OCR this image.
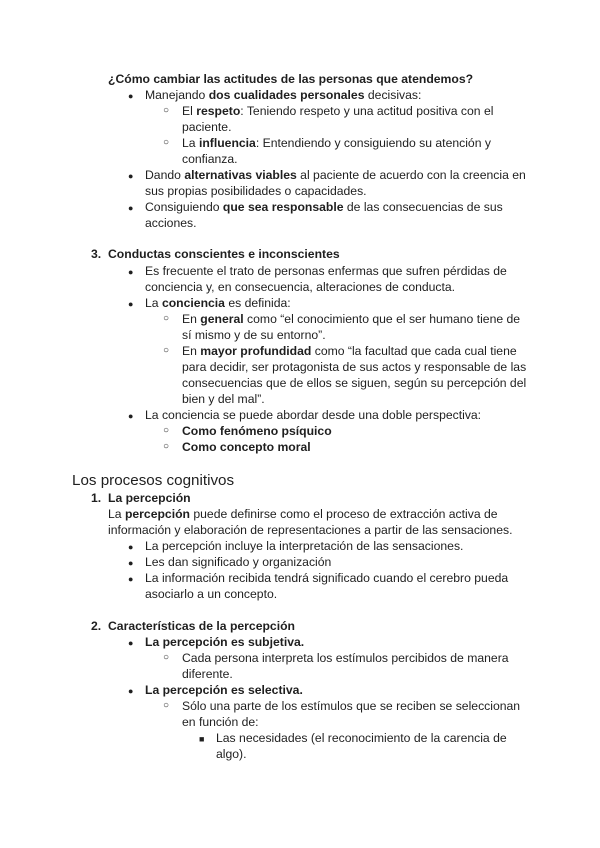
¿Cómo cambiar las actitudes de las personas que atendemos?
● Manejando dos cualidades personales decisivas:
○ El respeto: Teniendo respeto y una actitud positiva con el
paciente.
○ La influencia: Entendiendo y consiguiendo su atención y
confianza.
● Dando alternativas viables al paciente de acuerdo con la creencia en
sus propias posibilidades o capacidades.
● Consiguiendo que sea responsable de las consecuencias de sus
acciones.
3. Conductas conscientes e inconscientes
● Es frecuente el trato de personas enfermas que sufren pérdidas de
conciencia y, en consecuencia, alteraciones de conducta.
● La conciencia es definida:
○ En general como “el conocimiento que el ser humano tiene de
sí mismo y de su entorno”.
○ En mayor profundidad como “la facultad que cada cual tiene
para decidir, ser protagonista de sus actos y responsable de las
consecuencias que de ellos se siguen, según su percepción del
bien y del mal”.
● La conciencia se puede abordar desde una doble perspectiva:
○ Como fenómeno psíquico
○ Como concepto moral
Los procesos cognitivos
1. La percepción
La percepción puede definirse como el proceso de extracción activa de
información y elaboración de representaciones a partir de las sensaciones.
● La percepción incluye la interpretación de las sensaciones.
● Les dan significado y organización
● La información recibida tendrá significado cuando el cerebro pueda
asociarlo a un concepto.
2. Características de la percepción
● La percepción es subjetiva.
○ Cada persona interpreta los estímulos percibidos de manera
diferente.
● La percepción es selectiva.
○ Sólo una parte de los estímulos que se reciben se seleccionan
en función de:
■ Las necesidades (el reconocimiento de la carencia de
algo).
